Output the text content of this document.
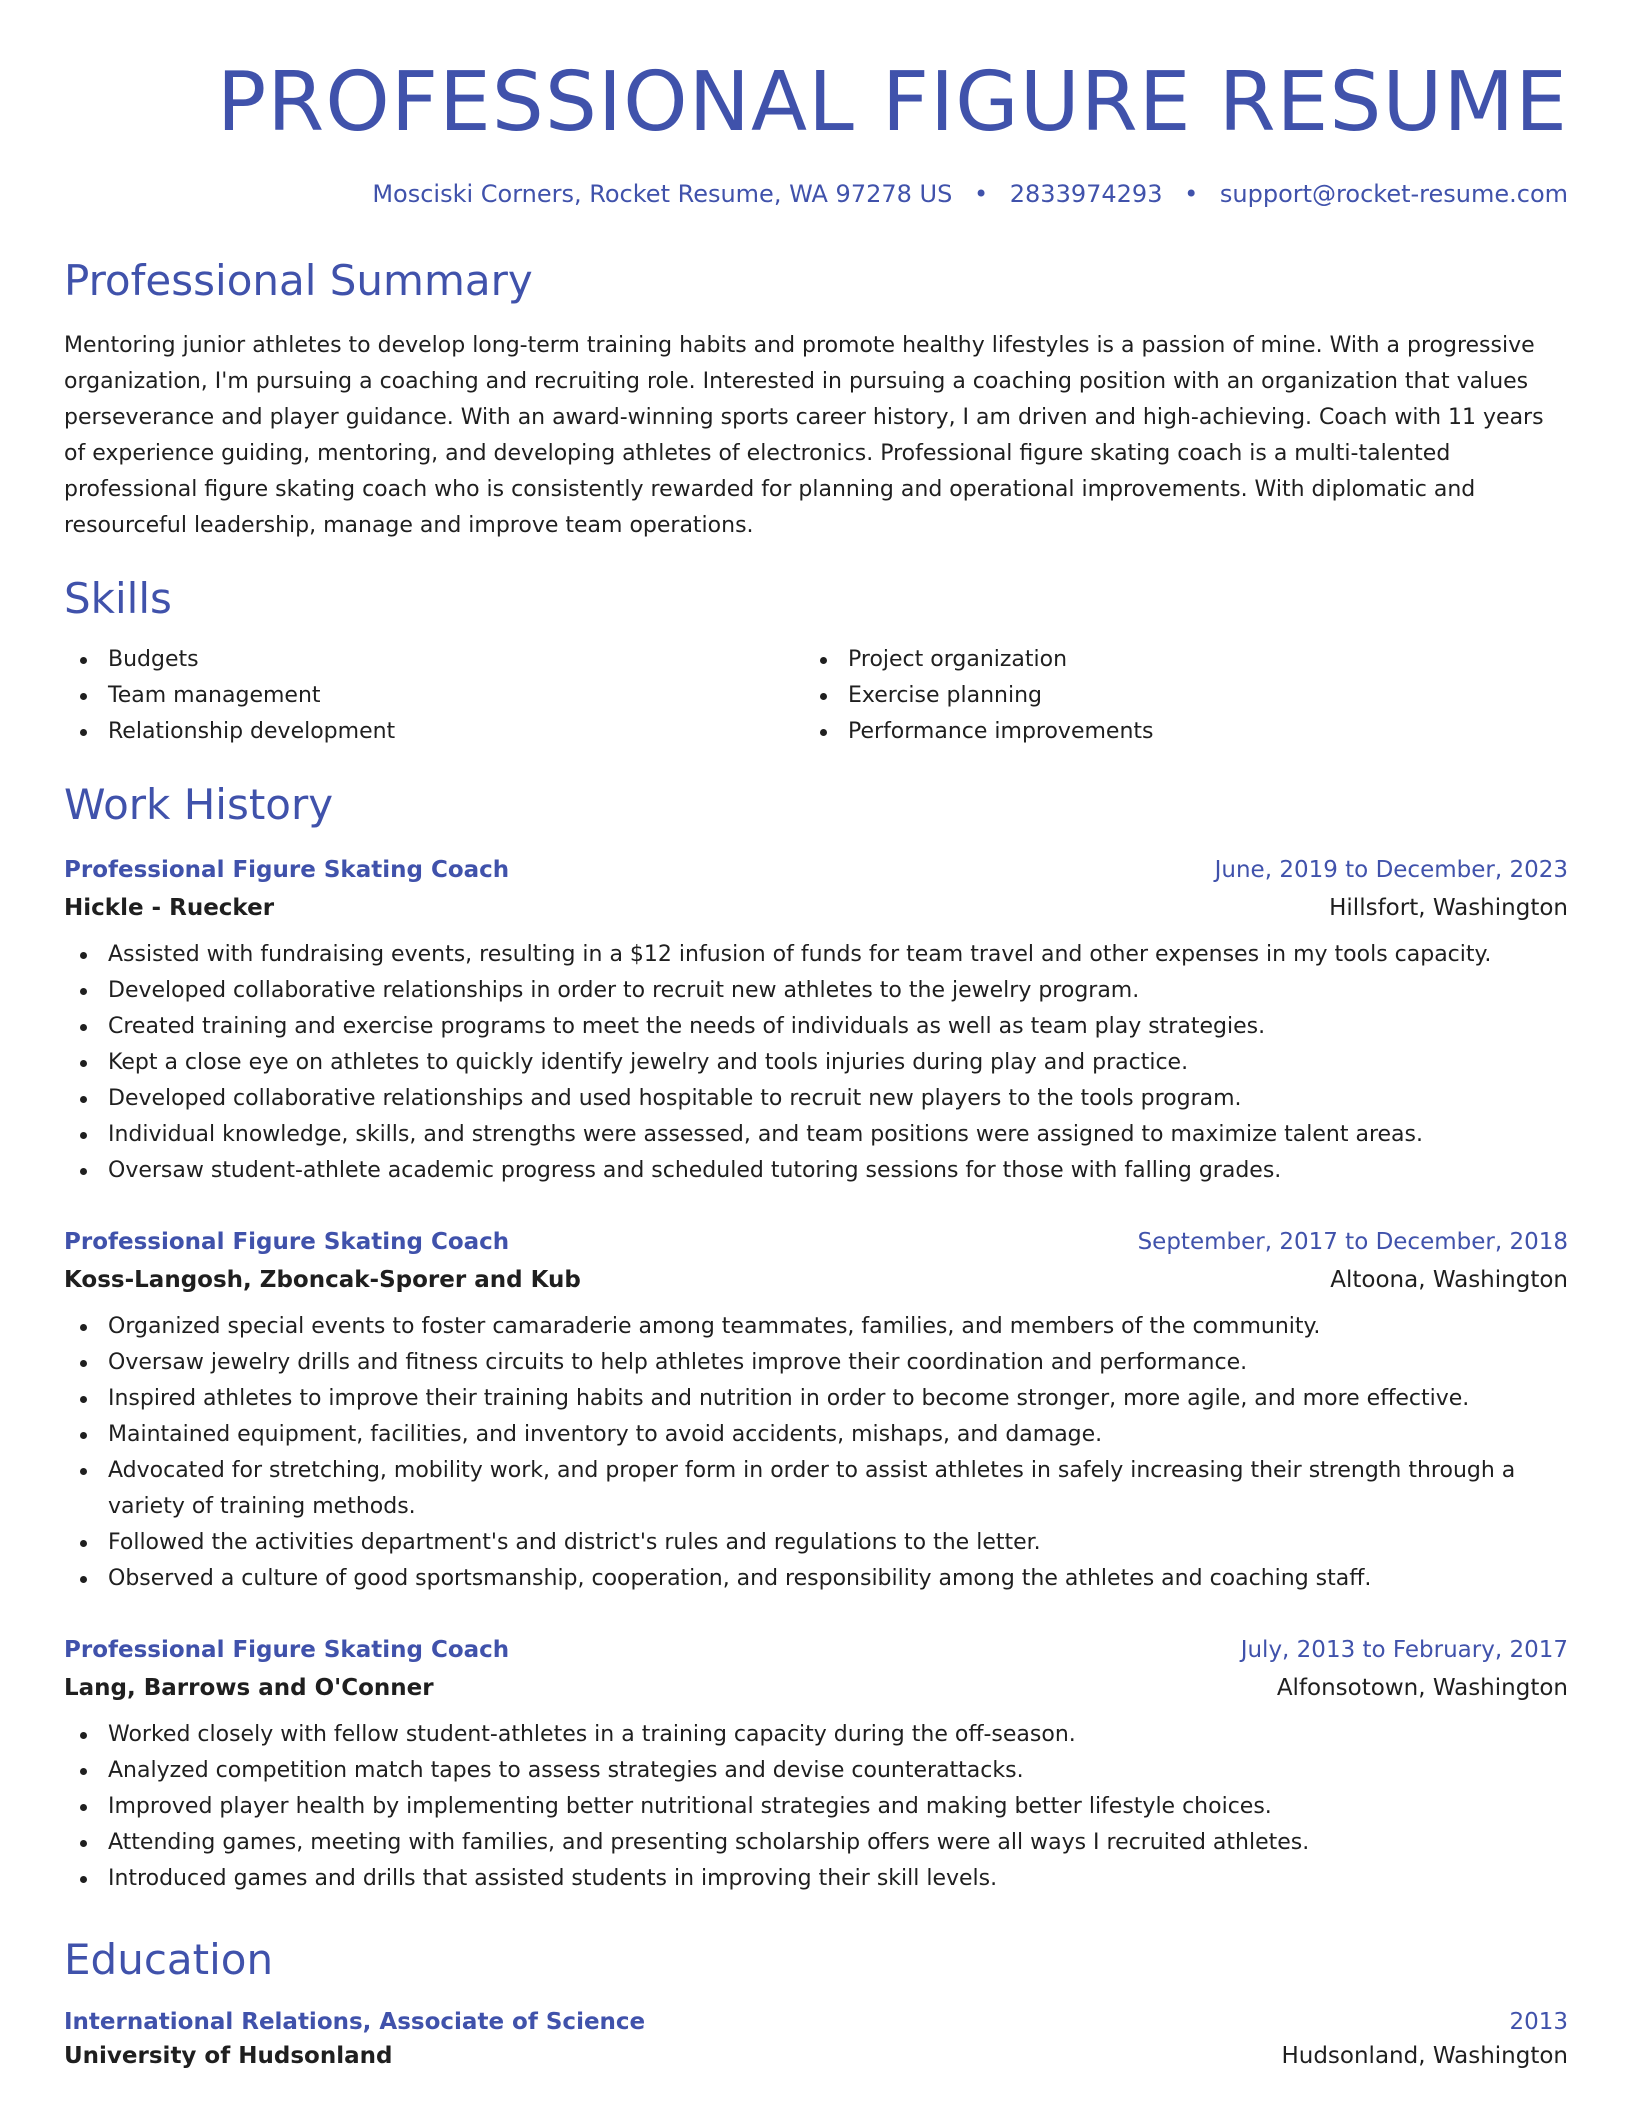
PROFESSIONAL FIGURE RESUME
Mosciski Corners, Rocket Resume, WA 97278 US • 2833974293 • support@rocket-resume.com
Professional Summary

Mentoring junior athletes to develop long-term training habits and promote healthy lifestyles is a passion of mine. With a progressive organization, I'm pursuing a coaching and recruiting role. Interested in pursuing a coaching position with an organization that values perseverance and player guidance. With an award-winning sports career history, I am driven and high-achieving. Coach with 11 years of experience guiding, mentoring, and developing athletes of electronics. Professional figure skating coach is a multi-talented professional figure skating coach who is consistently rewarded for planning and operational improvements. With diplomatic and resourceful leadership, manage and improve team operations.

Skills
Budgets
Team management
Relationship development
Project organization
Exercise planning
Performance improvements
Work History
Professional Figure Skating Coach	June, 2019 to December, 2023
Hickle - Ruecker	Hillsfort, Washington
Assisted with fundraising events, resulting in a $12 infusion of funds for team travel and other expenses in my tools capacity.
Developed collaborative relationships in order to recruit new athletes to the jewelry program.
Created training and exercise programs to meet the needs of individuals as well as team play strategies.
Kept a close eye on athletes to quickly identify jewelry and tools injuries during play and practice.
Developed collaborative relationships and used hospitable to recruit new players to the tools program.
Individual knowledge, skills, and strengths were assessed, and team positions were assigned to maximize talent areas.
Oversaw student-athlete academic progress and scheduled tutoring sessions for those with falling grades.
Professional Figure Skating Coach	September, 2017 to December, 2018
Koss-Langosh, Zboncak-Sporer and Kub	Altoona, Washington
Organized special events to foster camaraderie among teammates, families, and members of the community.
Oversaw jewelry drills and fitness circuits to help athletes improve their coordination and performance.
Inspired athletes to improve their training habits and nutrition in order to become stronger, more agile, and more effective.
Maintained equipment, facilities, and inventory to avoid accidents, mishaps, and damage.
Advocated for stretching, mobility work, and proper form in order to assist athletes in safely increasing their strength through a variety of training methods.
Followed the activities department's and district's rules and regulations to the letter.
Observed a culture of good sportsmanship, cooperation, and responsibility among the athletes and coaching staff.
Professional Figure Skating Coach	July, 2013 to February, 2017
Lang, Barrows and O'Conner	Alfonsotown, Washington
Worked closely with fellow student-athletes in a training capacity during the off-season.
Analyzed competition match tapes to assess strategies and devise counterattacks.
Improved player health by implementing better nutritional strategies and making better lifestyle choices.
Attending games, meeting with families, and presenting scholarship offers were all ways I recruited athletes.
Introduced games and drills that assisted students in improving their skill levels.
Education
International Relations, Associate of Science	2013
University of Hudsonland	Hudsonland, Washington
